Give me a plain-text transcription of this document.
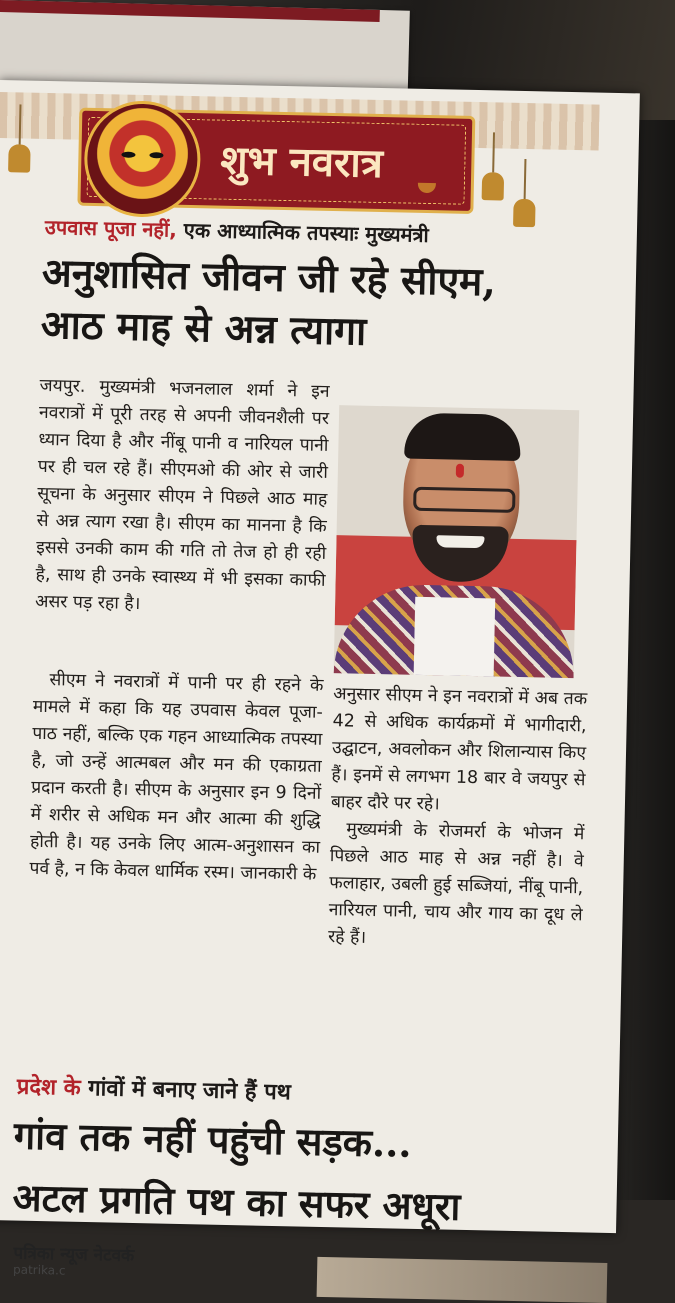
शुभ नवरात्र
उपवास पूजा नहीं, एक आध्यात्मिक तपस्याः मुख्यमंत्री
अनुशासित जीवन जी रहे सीएम,
आठ माह से अन्न त्यागा

जयपुर. मुख्यमंत्री भजनलाल शर्मा ने इन नवरात्रों में पूरी तरह से अपनी जीवनशैली पर ध्यान दिया है और नींबू पानी व नारियल पानी पर ही चल रहे हैं। सीएमओ की ओर से जारी सूचना के अनुसार सीएम ने पिछले आठ माह से अन्न त्याग रखा है। सीएम का मानना है कि इससे उनकी काम की गति तो तेज हो ही रही है, साथ ही उनके स्वास्थ्य में भी इसका काफी असर पड़ रहा है।

सीएम ने नवरात्रों में पानी पर ही रहने के मामले में कहा कि यह उपवास केवल पूजा-पाठ नहीं, बल्कि एक गहन आध्यात्मिक तपस्या है, जो उन्हें आत्मबल और मन की एकाग्रता प्रदान करती है। सीएम के अनुसार इन 9 दिनों में शरीर से अधिक मन और आत्मा की शुद्धि होती है। यह उनके लिए आत्म-अनुशासन का पर्व है, न कि केवल धार्मिक रस्म। जानकारी के

अनुसार सीएम ने इन नवरात्रों में अब तक 42 से अधिक कार्यक्रमों में भागीदारी, उद्घाटन, अवलोकन और शिलान्यास किए हैं। इनमें से लगभग 18 बार वे जयपुर से बाहर दौरे पर रहे।

मुख्यमंत्री के रोजमर्रा के भोजन में पिछले आठ माह से अन्न नहीं है। वे फलाहार, उबली हुई सब्जियां, नींबू पानी, नारियल पानी, चाय और गाय का दूध ले रहे हैं।

प्रदेश के गांवों में बनाए जाने हैं पथ
गांव तक नहीं पहुंची सड़क...
अटल प्रगति पथ का सफर अधूरा
पत्रिका न्यूज नेटवर्क
patrika.c
